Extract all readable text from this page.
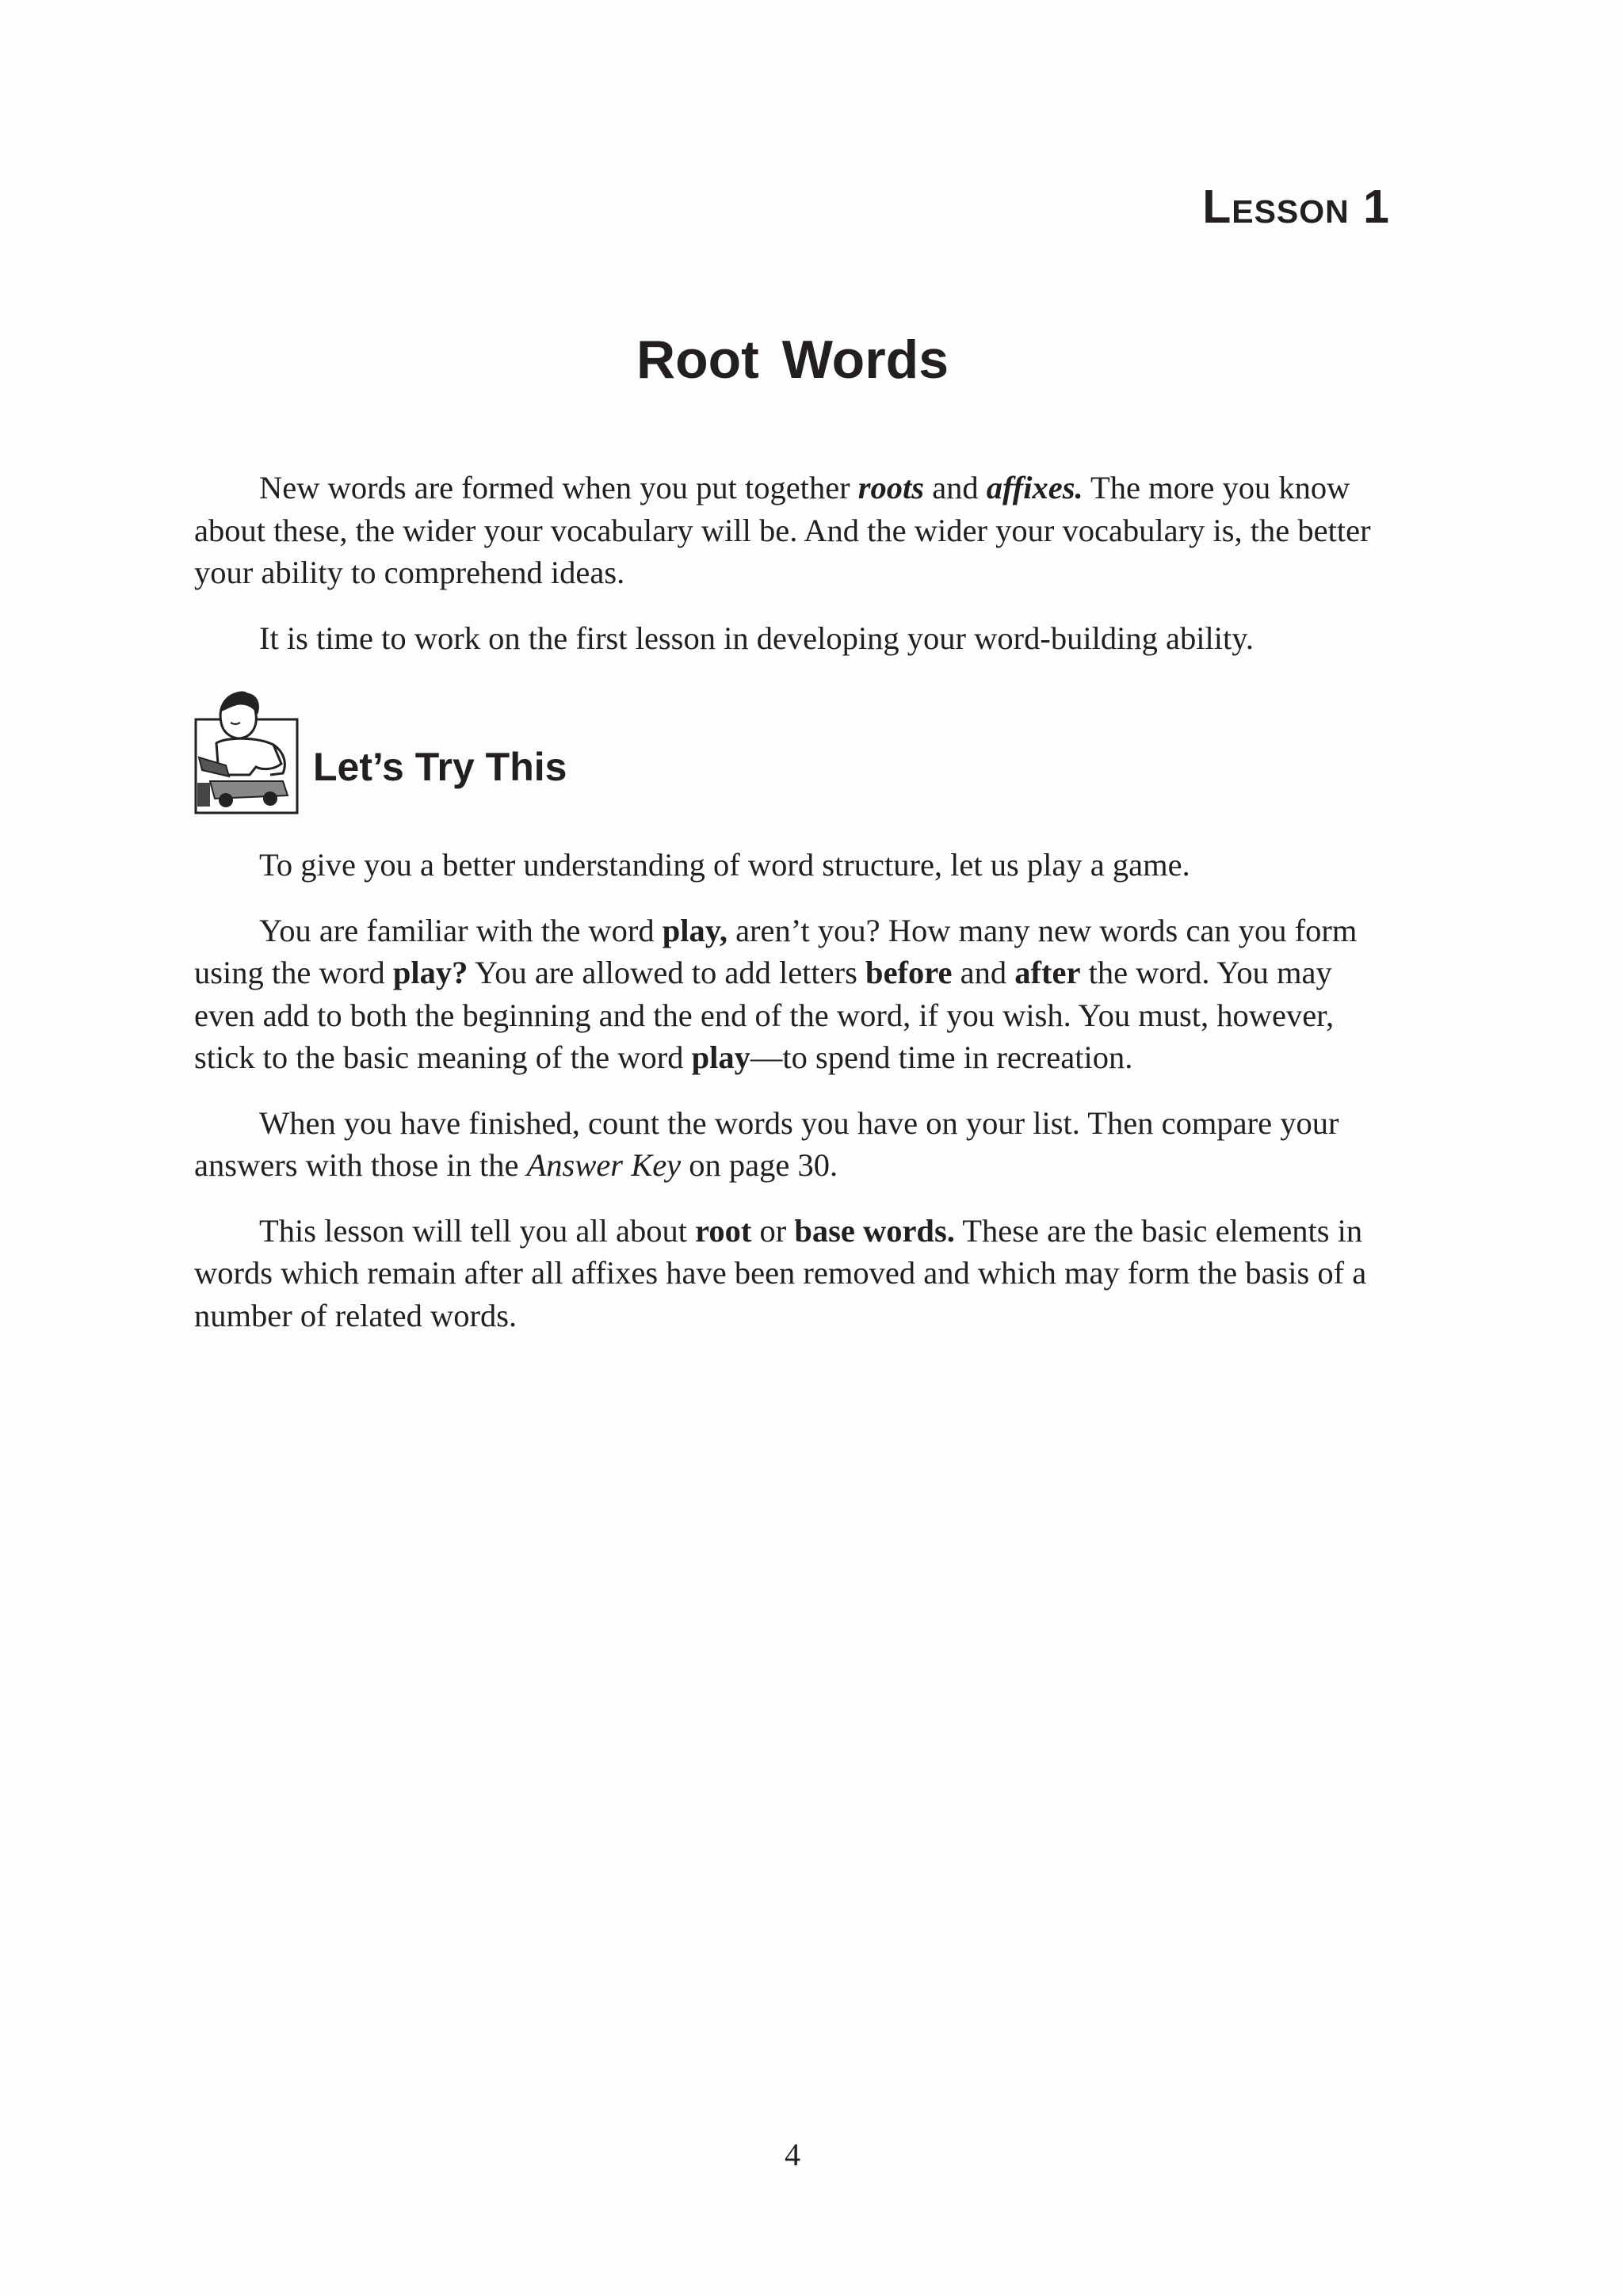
Lesson 1
Root Words

New words are formed when you put together roots and affixes. The more you know about these, the wider your vocabulary will be. And the wider your vocabulary is, the better your ability to comprehend ideas.

It is time to work on the first lesson in developing your word-building ability.

Let’s Try This

To give you a better understanding of word structure, let us play a game.

You are familiar with the word play, aren’t you? How many new words can you form using the word play? You are allowed to add letters before and after the word. You may even add to both the beginning and the end of the word, if you wish. You must, however, stick to the basic meaning of the word play—to spend time in recreation.

When you have finished, count the words you have on your list. Then compare your answers with those in the Answer Key on page 30.

This lesson will tell you all about root or base words. These are the basic elements in words which remain after all affixes have been removed and which may form the basis of a number of related words.

4
